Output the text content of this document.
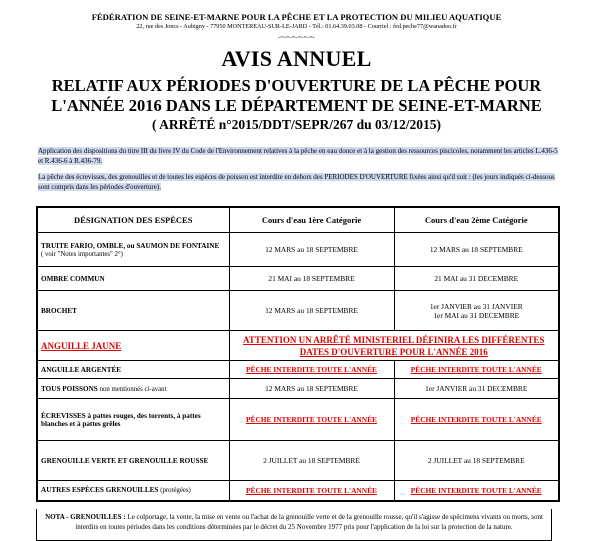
FÉDÉRATION DE SEINE-ET-MARNE POUR LA PÊCHE ET LA PROTECTION DU MILIEU AQUATIQUE
22, rue des Joncs - Aubigny - 77950 MONTEREAU-SUR-LE-JARD - Tél.: 01.64.39.03.08 - Courriel : fed.peche77@wanadoo.fr
-=-=-=-=-=-=-
AVIS ANNUEL
RELATIF AUX PÉRIODES D'OUVERTURE DE LA PÊCHE POUR
L'ANNÉE 2016 DANS LE DÉPARTEMENT DE SEINE-ET-MARNE
( ARRÊTÉ n°2015/DDT/SEPR/267 du 03/12/2015)
Application des dispositions du titre III du livre IV du Code de l'Environnement relatives à la pêche en eau douce et à la gestion des ressources piscicoles, notamment les articles L.436-5 et R.436-6 à R.436-79.
La pêche des écrevisses, des grenouilles et de toutes les espèces de poisson est interdite en dehors des PERIODES D'OUVERTURE fixées ainsi qu'il suit : (les jours indiqués ci-dessous sont compris dans les périodes d'ouverture).
DÉSIGNATION DES ESPÈCES	Cours d'eau 1ère Catégorie	Cours d'eau 2ème Catégorie
TRUITE FARIO, OMBLE, ou SAUMON DE FONTAINE
( voir "Notes importantes" 2°)	12 MARS au 18 SEPTEMBRE	12 MARS au 18 SEPTEMBRE
OMBRE COMMUN	21 MAI au 18 SEPTEMBRE	21 MAI au 31 DECEMBRE
BROCHET	12 MARS au 18 SEPTEMBRE	1er JANVIER au 31 JANVIER
1er MAI au 31 DECEMBRE
ANGUILLE JAUNE	ATTENTION UN ARRÊTÉ MINISTERIEL DÉFINIRA LES DIFFÉRENTES DATES D'OUVERTURE POUR L'ANNÉE 2016	
ANGUILLE ARGENTÉE	PÊCHE INTERDITE TOUTE L'ANNÉE	PÊCHE INTERDITE TOUTE L'ANNÉE
TOUS POISSONS non mentionnés ci-avant	12 MARS au 18 SEPTEMBRE	1er JANVIER au 31 DECEMBRE
ÉCREVISSES à pattes rouges, des torrents, à pattes blanches et à pattes grêles	PÊCHE INTERDITE TOUTE L'ANNÉE	PÊCHE INTERDITE TOUTE L'ANNÉE
GRENOUILLE VERTE ET GRENOUILLE ROUSSE	2 JUILLET au 18 SEPTEMBRE	2 JUILLET au 18 SEPTEMBRE
AUTRES ESPÈCES GRENOUILLES (protégées)	PÊCHE INTERDITE TOUTE L'ANNÉE	PÊCHE INTERDITE TOUTE L'ANNÉE
NOTA - GRENOUILLES : Le colportage, la vente, la mise en vente ou l'achat de la grenouille verte et de la grenouille rousse, qu'il s'agisse de spécimens vivants ou morts, sont interdits en toutes périodes dans les conditions déterminées par le décret du 25 Novembre 1977 pris pour l'application de la loi sur la protection de la nature.
